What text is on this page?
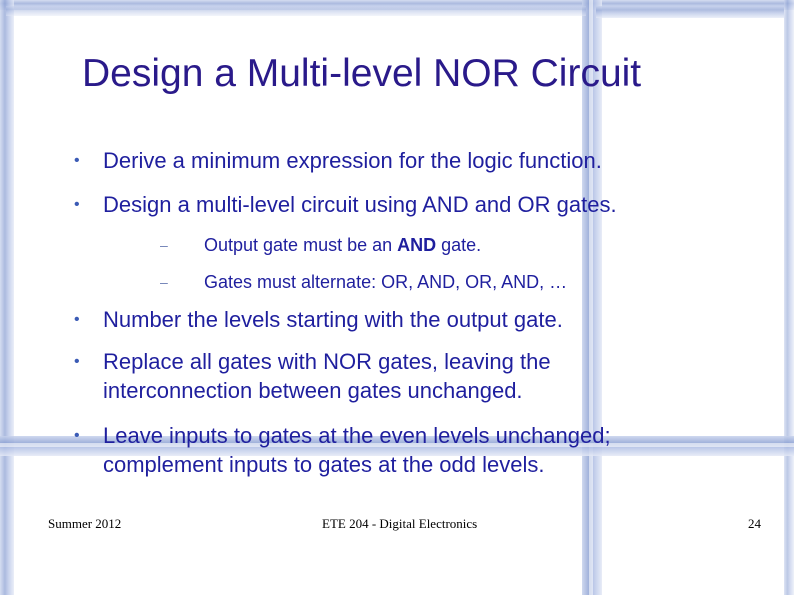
Design a Multi-level NOR Circuit
• Derive a minimum expression for the logic function.
• Design a multi-level circuit using AND and OR gates.
– Output gate must be an AND gate.
– Gates must alternate: OR, AND, OR, AND, …
• Number the levels starting with the output gate.
• Replace all gates with NOR gates, leaving the interconnection between gates unchanged.
• Leave inputs to gates at the even levels unchanged; complement inputs to gates at the odd levels.
Summer 2012	ETE 204 - Digital Electronics	24
